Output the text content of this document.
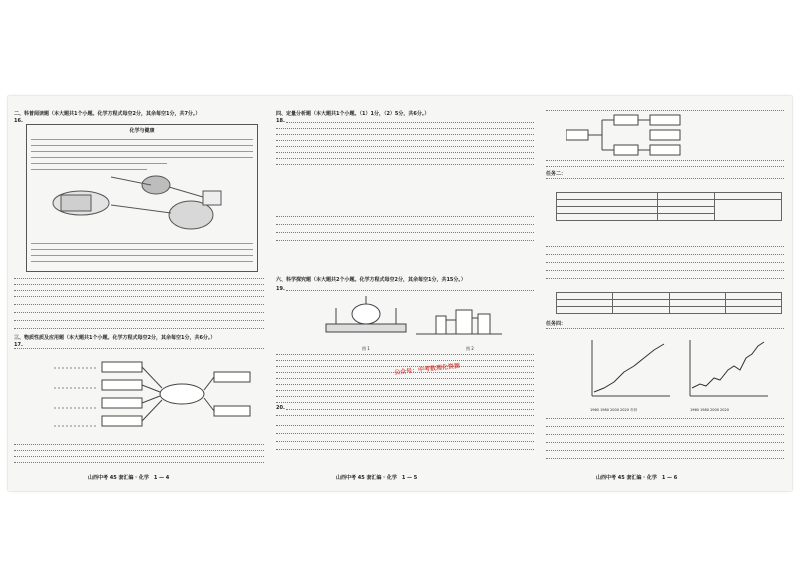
二、科普阅读题（本大题共1个小题。化学方程式每空2分，其余每空1分，共7分。）
16.
化学与健康
三、物质性质及应用题（本大题共1个小题。化学方程式每空2分，其余每空1分，共6分。）
17.
山西中考 45 套汇编 · 化学　1 — 4
四、定量分析题（本大题共1个小题。（1）1分，（2）5分，共6分。）
18.
六、科学探究题（本大题共2个小题。化学方程式每空2分，其余每空1分，共15分。）
19.
图 1	图 2
20.
山西中考 45 套汇编 · 化学　1 — 5
任务二：

任务四：
1960 1980 2000 2020 年份	1960 1980 2000 2020
山西中考 45 套汇编 · 化学　1 — 6
公众号：中考数理化资源
